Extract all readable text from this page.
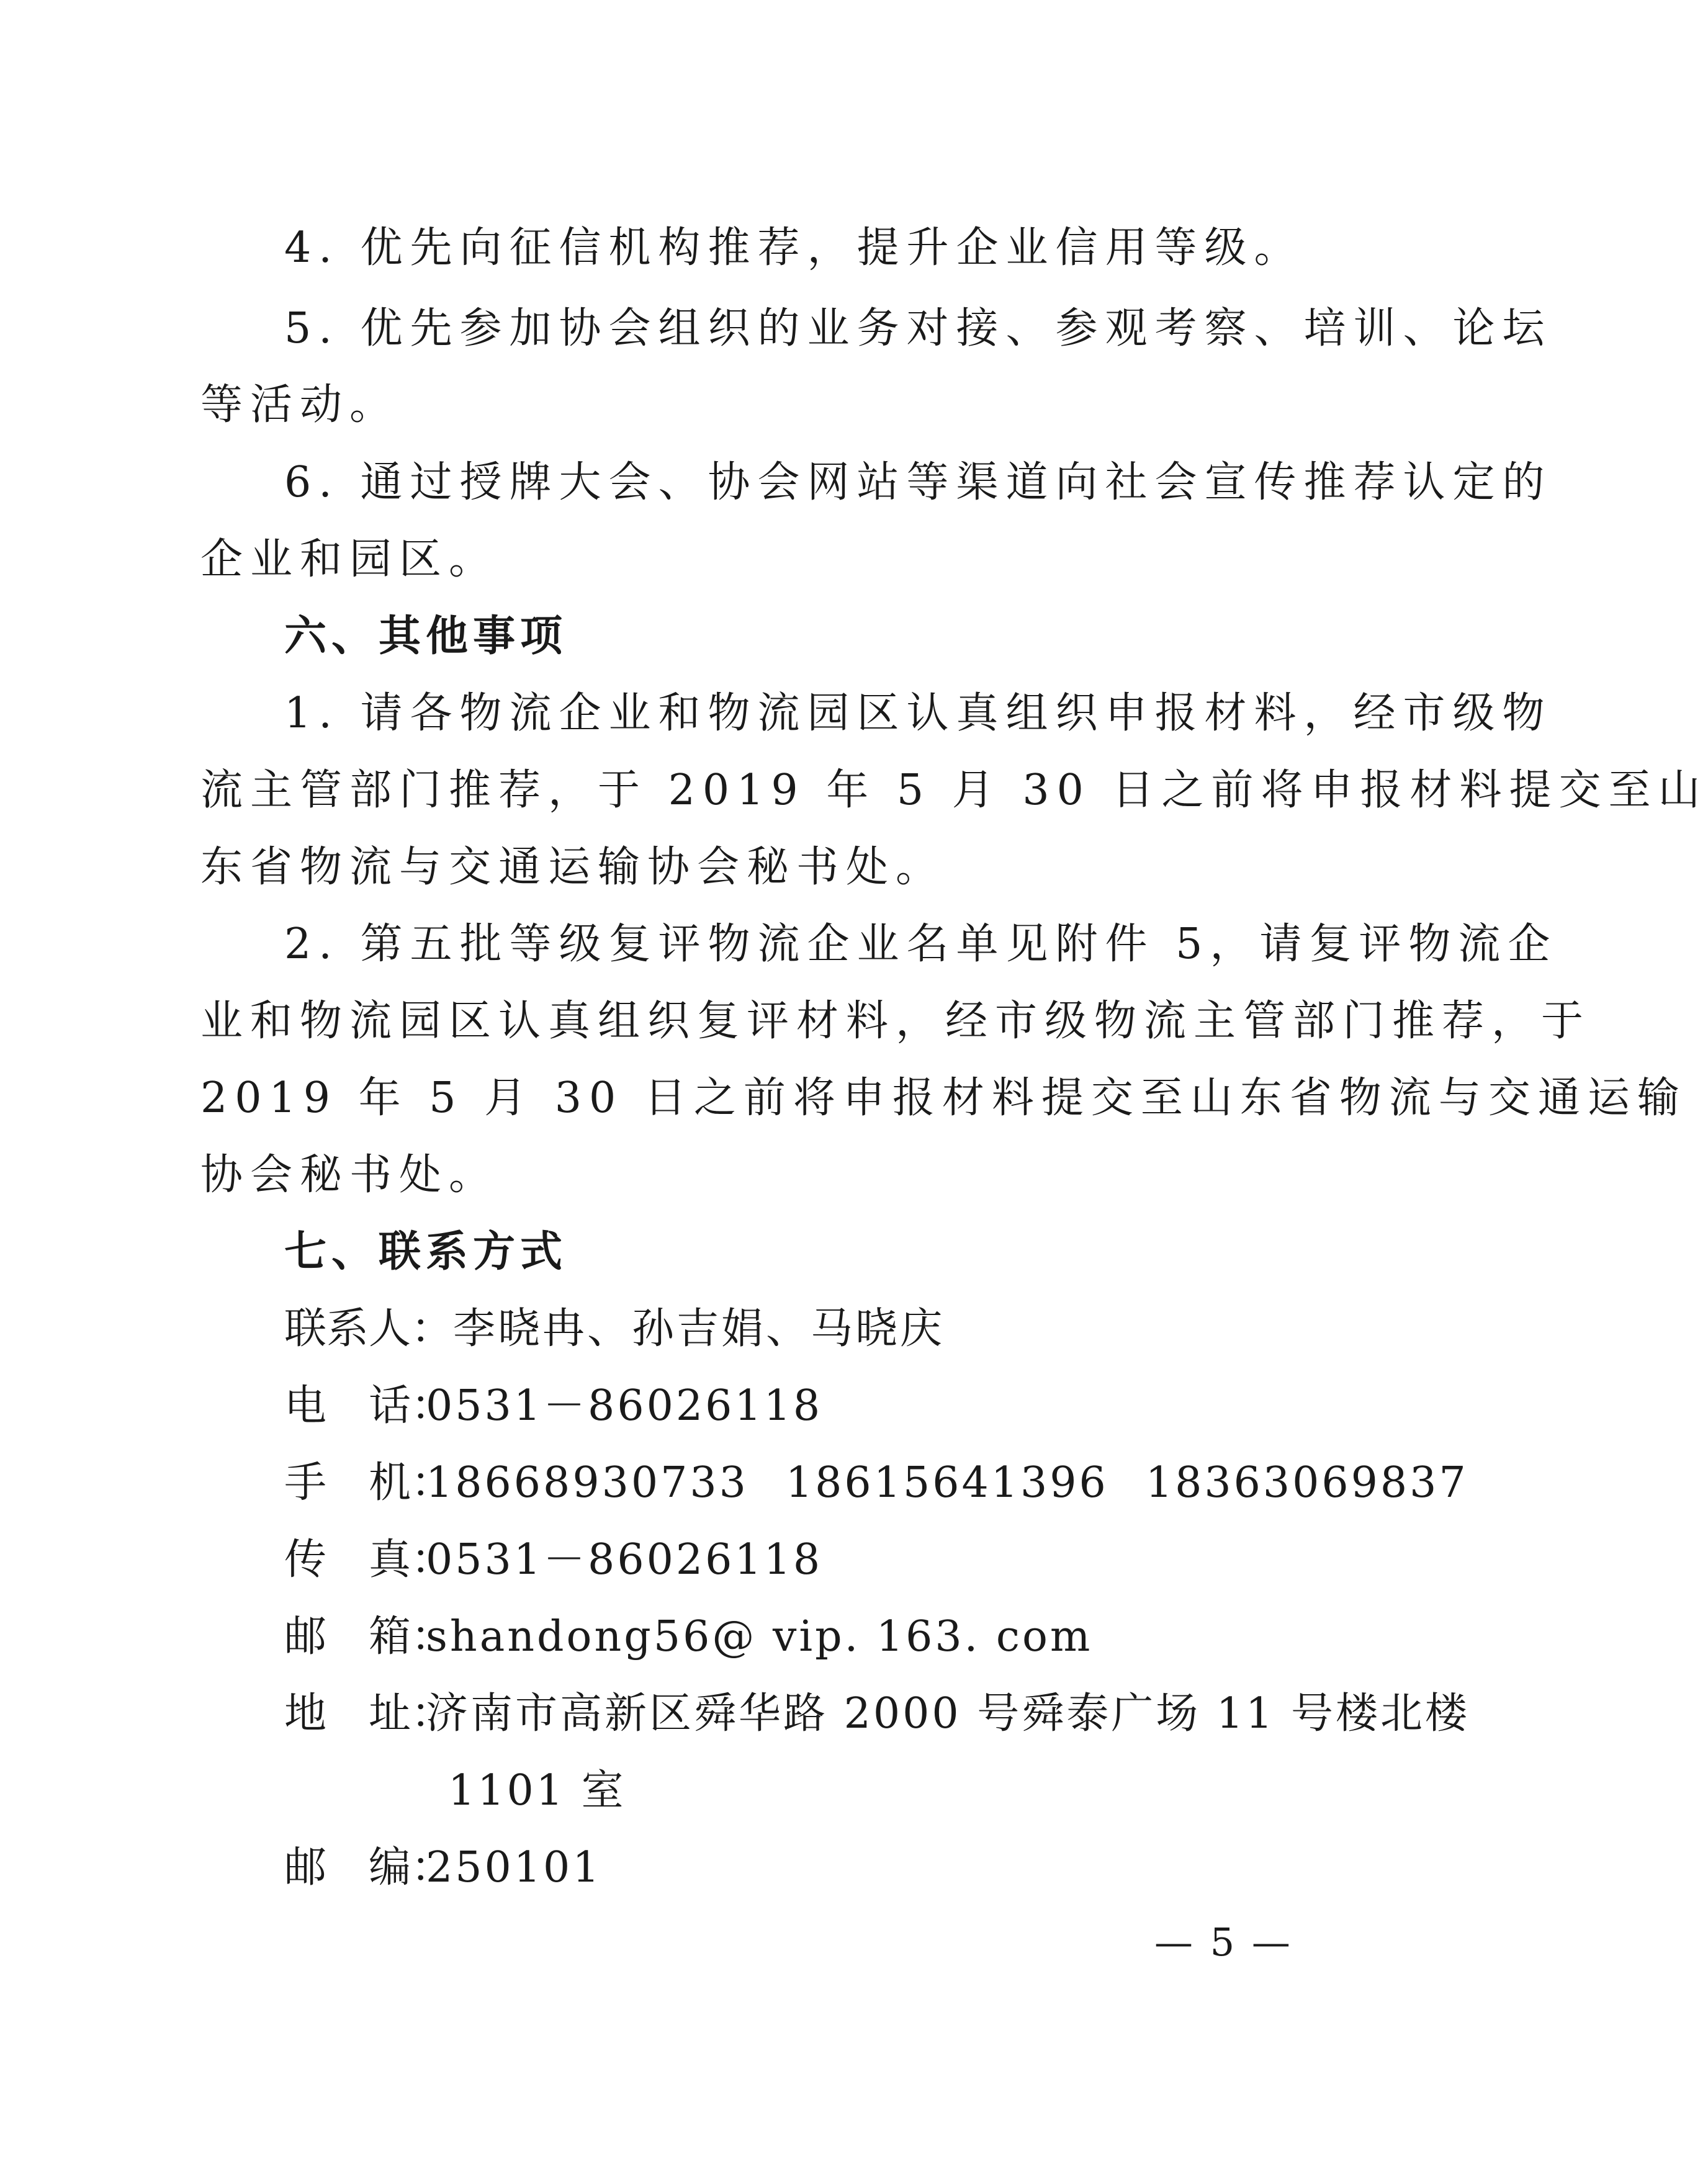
4. 优先向征信机构推荐，提升企业信用等级。
5. 优先参加协会组织的业务对接、参观考察、培训、论坛
等活动。
6. 通过授牌大会、协会网站等渠道向社会宣传推荐认定的
企业和园区。
六、其他事项
1. 请各物流企业和物流园区认真组织申报材料，经市级物
流主管部门推荐，于 2019 年 5 月 30 日之前将申报材料提交至山
东省物流与交通运输协会秘书处。
2. 第五批等级复评物流企业名单见附件 5，请复评物流企
业和物流园区认真组织复评材料，经市级物流主管部门推荐，于
2019 年 5 月 30 日之前将申报材料提交至山东省物流与交通运输
协会秘书处。
七、联系方式
联系人：李晓冉、孙吉娟、马晓庆
电　话：0531－86026118
手　机：18668930733 18615641396 18363069837
传　真：0531－86026118
邮　箱：shandong56@ vip. 163. com
地　址：济南市高新区舜华路 2000 号舜泰广场 11 号楼北楼
1101 室
邮　编：250101
— 5 —
